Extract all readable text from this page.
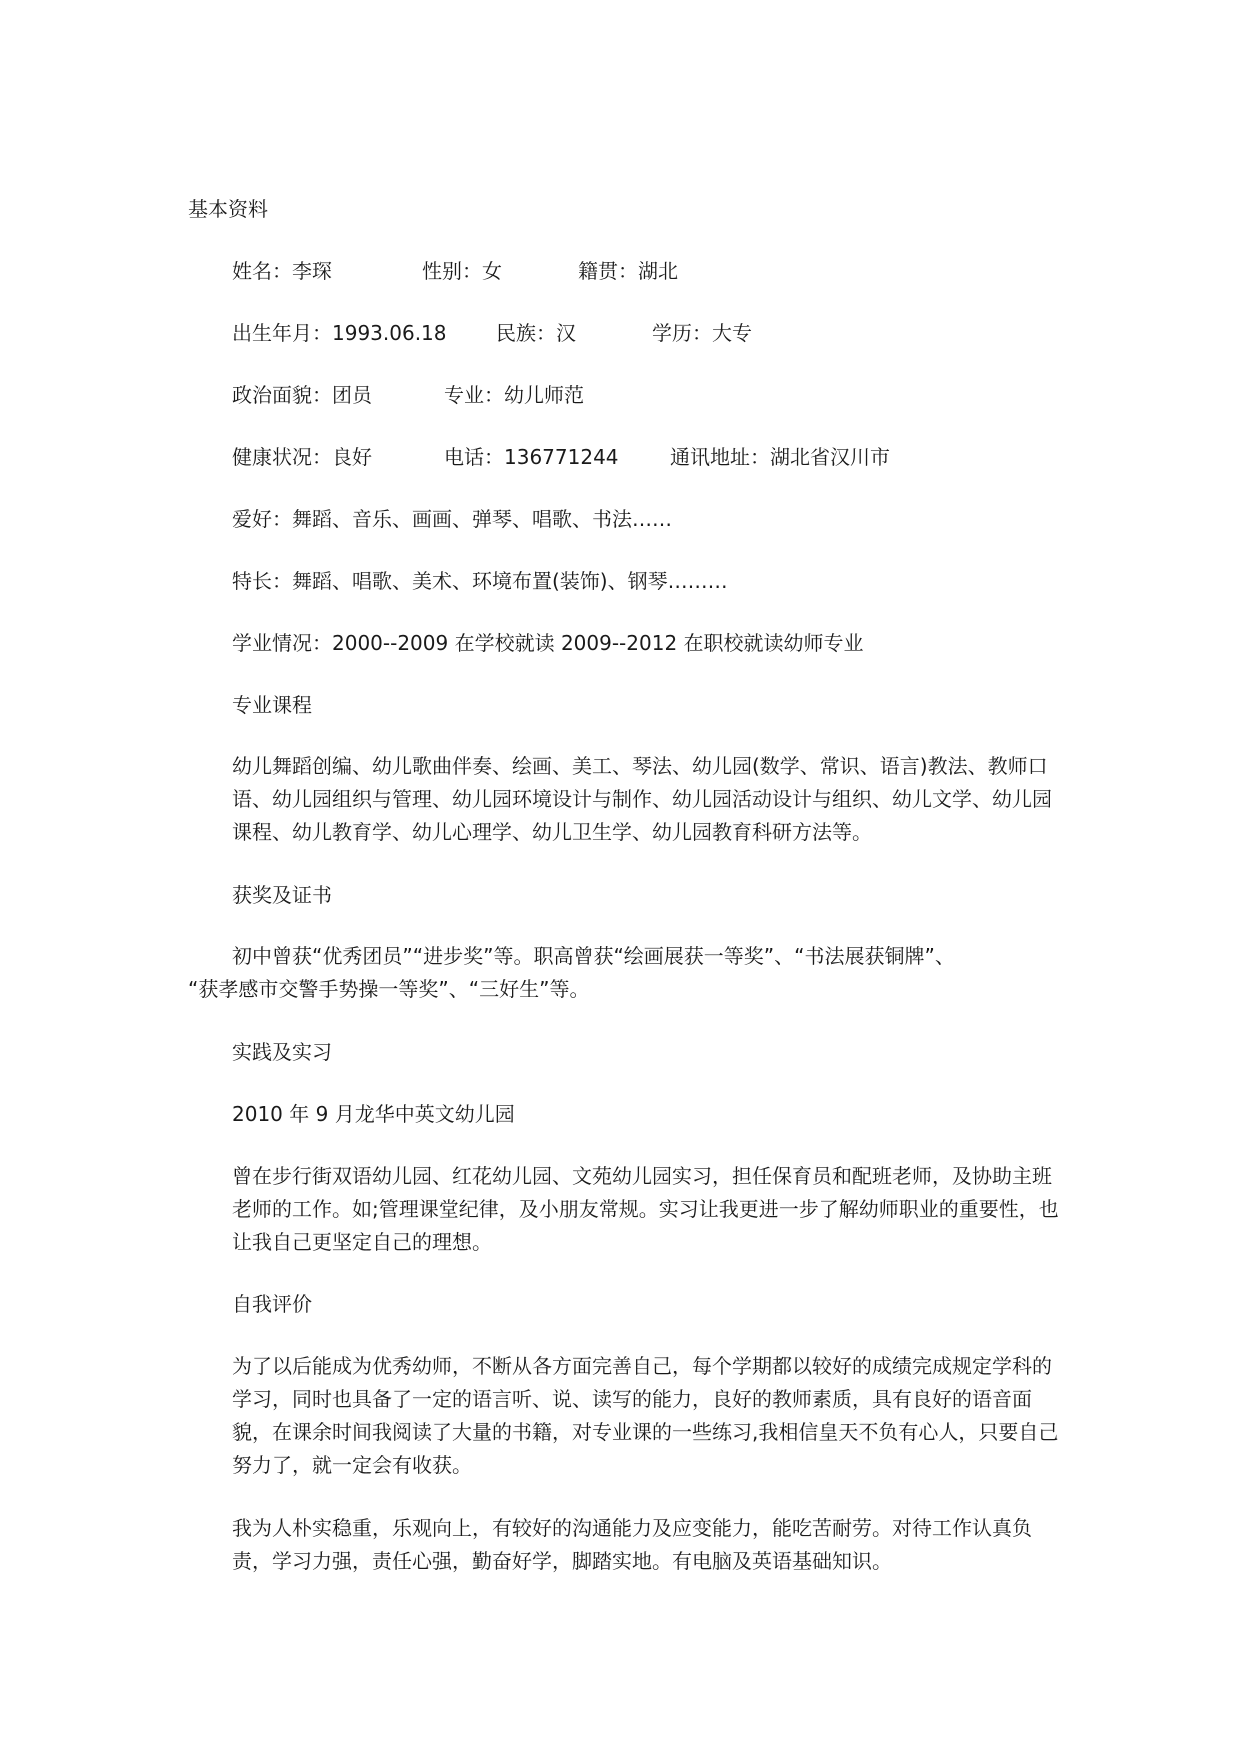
基本资料
姓名：李琛	性别：女	籍贯：湖北
出生年月：1993.06.18 民族：汉	学历：大专
政治面貌：团员	专业：幼儿师范
健康状况：良好	电话：136771244	通讯地址：湖北省汉川市
爱好：舞蹈、音乐、画画、弹琴、唱歌、书法……
特长：舞蹈、唱歌、美术、环境布置(装饰)、钢琴………
学业情况：2000--2009 在学校就读 2009--2012 在职校就读幼师专业
专业课程
幼儿舞蹈创编、幼儿歌曲伴奏、绘画、美工、琴法、幼儿园(数学、常识、语言)教法、教师口语、幼儿园组织与管理、幼儿园环境设计与制作、幼儿园活动设计与组织、幼儿文学、幼儿园课程、幼儿教育学、幼儿心理学、幼儿卫生学、幼儿园教育科研方法等。
获奖及证书
初中曾获“优秀团员”“进步奖”等。职高曾获“绘画展获一等奖”、“书法展获铜牌”、
“获孝感市交警手势操一等奖”、“三好生”等。
实践及实习
2010 年 9 月龙华中英文幼儿园
曾在步行街双语幼儿园、红花幼儿园、文苑幼儿园实习，担任保育员和配班老师，及协助主班老师的工作。如;管理课堂纪律，及小朋友常规。实习让我更进一步了解幼师职业的重要性，也让我自己更坚定自己的理想。
自我评价
为了以后能成为优秀幼师，不断从各方面完善自己，每个学期都以较好的成绩完成规定学科的学习，同时也具备了一定的语言听、说、读写的能力，良好的教师素质，具有良好的语音面貌，在课余时间我阅读了大量的书籍，对专业课的一些练习,我相信皇天不负有心人，只要自己努力了，就一定会有收获。
我为人朴实稳重，乐观向上，有较好的沟通能力及应变能力，能吃苦耐劳。对待工作认真负责，学习力强，责任心强，勤奋好学，脚踏实地。有电脑及英语基础知识。
